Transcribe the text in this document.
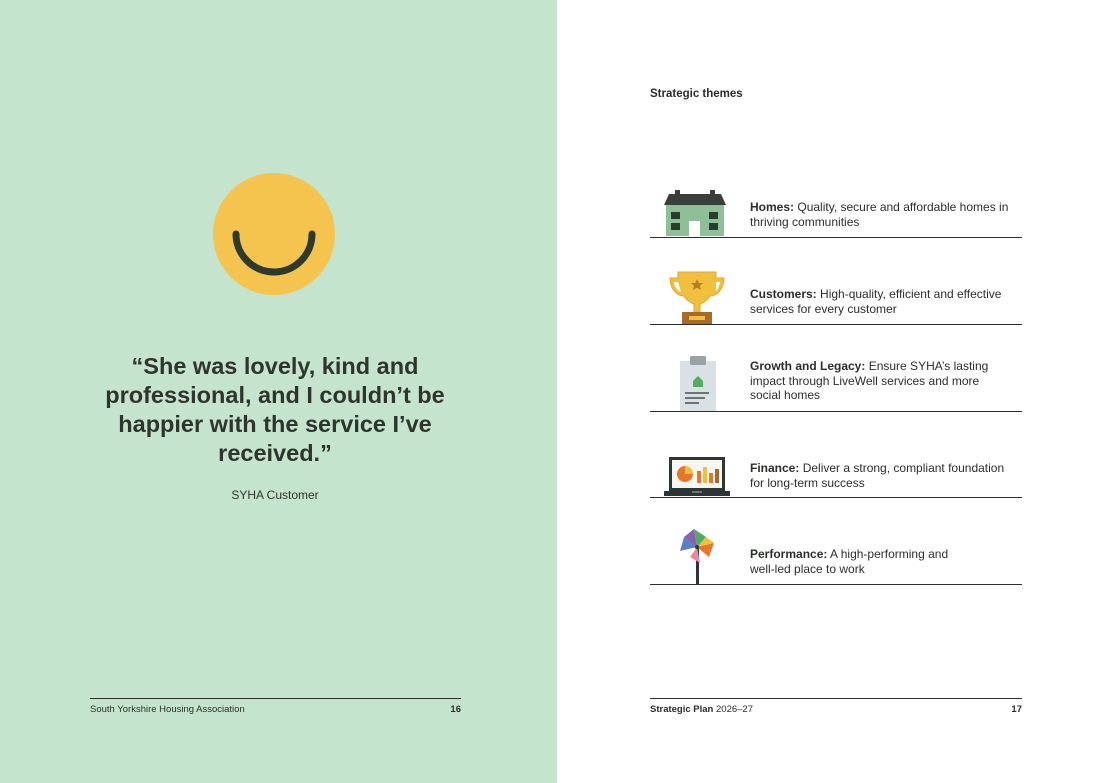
“She was lovely, kind and professional, and I couldn’t be happier with the service I’ve received.”

SYHA Customer
South Yorkshire Housing Association	16
Strategic themes
Homes: Quality, secure and affordable homes in thriving communities
Customers: High-quality, efficient and effective services for every customer
Growth and Legacy: Ensure SYHA’s lasting impact through LiveWell services and more social homes
Finance: Deliver a strong, compliant foundation for long-term success
Performance: A high-performing and well-led place to work
Strategic Plan 2026–27	17
